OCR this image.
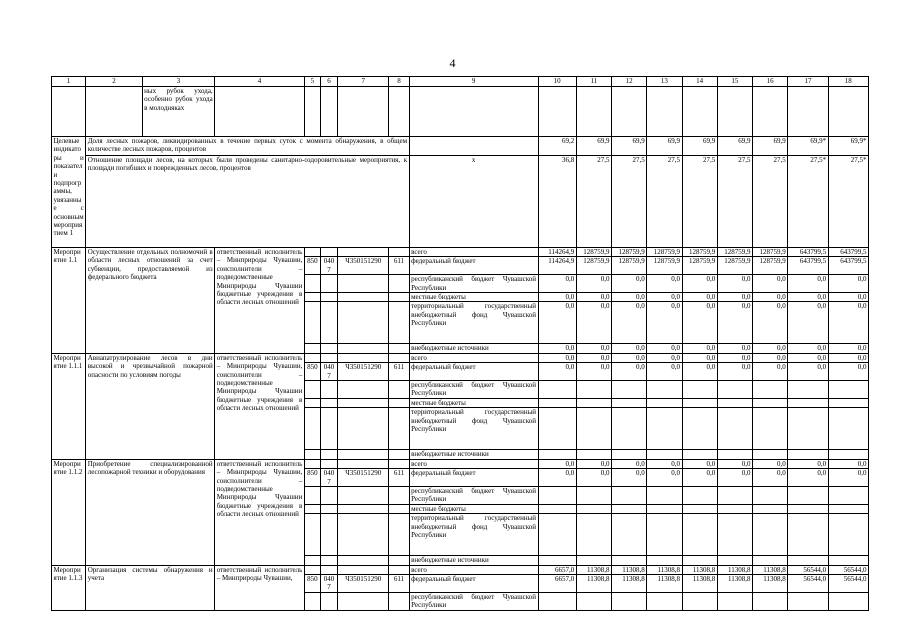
4
1	2	3	4	5	6	7	8	9	10	11	12	13	14	15	16	17	18
		ных рубок ухода, особенно рубок ухода в молодняках															
Целевые индикаторы и показатели подпрограммы, увязанные с основным мероприятием 1	Доля лесных пожаров, ликвидированных в течение первых суток с момента обнаружения, в общем количестве лесных пожаров, процентов								69,2	69,9	69,9	69,9	69,9	69,9	69,9	69,9*	69,9*
	Отношение площади лесов, на которых были проведены санитарно-оздоровительные мероприятия, к площади погибших и поврежденных лесов, процентов							х	36,8	27,5	27,5	27,5	27,5	27,5	27,5	27,5*	27,5*
Мероприятие 1.1	Осуществление отдельных полномочий в области лесных отношений за счет субвенции, предоставляемой из федерального бюджета		ответственный исполнитель – Минприроды Чувашии, соисполнители – подведомственные Минприроды Чувашии бюджетные учреждения в области лесных отношений					всего	114264,9	128759,9	128759,9	128759,9	128759,9	128759,9	128759,9	643799,5	643799,5
				850	0407	Ч350151290	611	федеральный бюджет	114264,9	128759,9	128759,9	128759,9	128759,9	128759,9	128759,9	643799,5	643799,5
								республиканский бюджет Чувашской Республики	0,0	0,0	0,0	0,0	0,0	0,0	0,0	0,0	0,0
								местные бюджеты	0,0	0,0	0,0	0,0	0,0	0,0	0,0	0,0	0,0
								территориальный государственный внебюджетный фонд Чувашской Республики	0,0	0,0	0,0	0,0	0,0	0,0	0,0	0,0	0,0
								внебюджетные источники	0,0	0,0	0,0	0,0	0,0	0,0	0,0	0,0	0,0
Мероприятие 1.1.1	Авиапатрулирование лесов в дни высокой и чрезвычайной пожарной опасности по условиям погоды		ответственный исполнитель – Минприроды Чувашии, соисполнители – подведомственные Минприроды Чувашии бюджетные учреждения в области лесных отношений					всего	0,0	0,0	0,0	0,0	0,0	0,0	0,0	0,0	0,0
				850	0407	Ч350151290	611	федеральный бюджет	0,0	0,0	0,0	0,0	0,0	0,0	0,0	0,0	0,0
								республиканский бюджет Чувашской Республики									
								местные бюджеты									
								территориальный государственный внебюджетный фонд Чувашской Республики									
								внебюджетные источники									
Мероприятие 1.1.2	Приобретение специализированной лесопожарной техники и оборудования		ответственный исполнитель – Минприроды Чувашии, соисполнители – подведомственные Минприроды Чувашии бюджетные учреждения в области лесных отношений					всего	0,0	0,0	0,0	0,0	0,0	0,0	0,0	0,0	0,0
				850	0407	Ч350151290	611	федеральный бюджет	0,0	0,0	0,0	0,0	0,0	0,0	0,0	0,0	0,0
								республиканский бюджет Чувашской Республики									
								местные бюджеты									
								территориальный государственный внебюджетный фонд Чувашской Республики									
								внебюджетные источники									
Мероприятие 1.1.3	Организация системы обнаружения и учета		ответственный исполнитель – Минприроды Чувашии,					всего	6657,0	11308,8	11308,8	11308,8	11308,8	11308,8	11308,8	56544,0	56544,0
				850	0407	Ч350151290	611	федеральный бюджет	6657,0	11308,8	11308,8	11308,8	11308,8	11308,8	11308,8	56544,0	56544,0
								республиканский бюджет Чувашской Республики									
